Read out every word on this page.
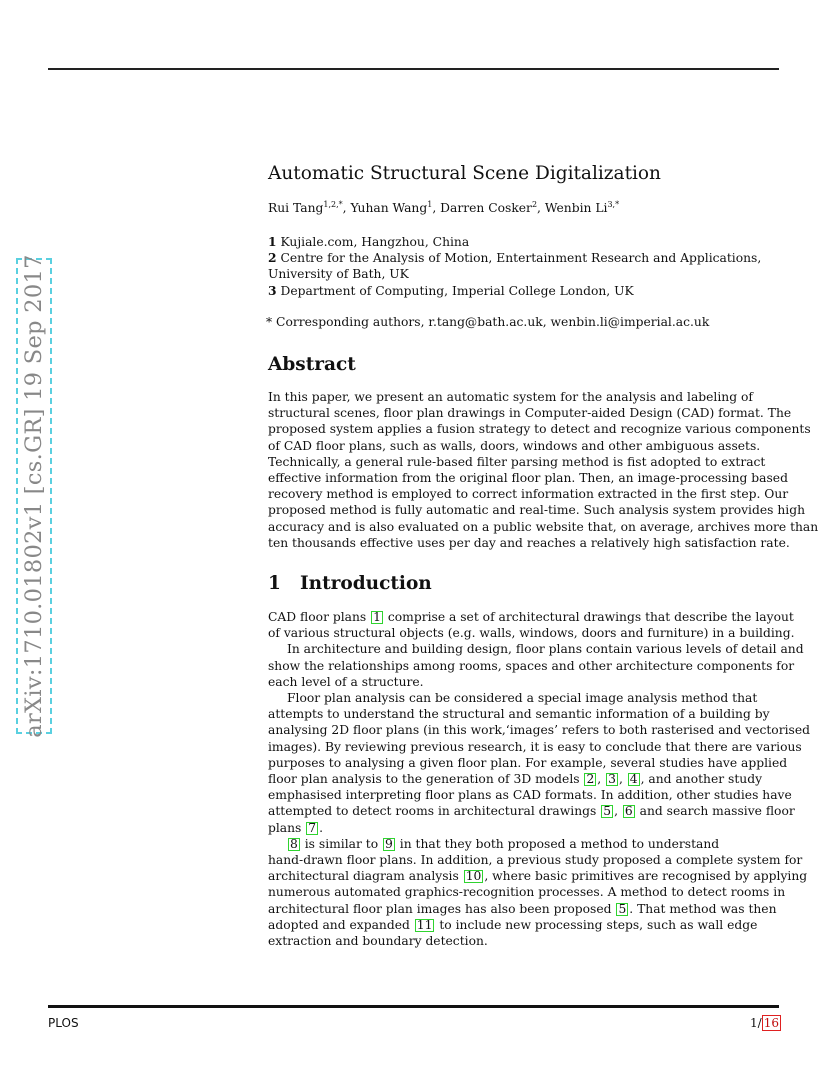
arXiv:1710.01802v1 [cs.GR] 19 Sep 2017
Automatic Structural Scene Digitalization
Rui Tang$^{1,2,*}$, Yuhan Wang$^1$, Darren Cosker$^2$, Wenbin $Li^{3,*}$
1 Kujiale.com, Hangzhou, China
2 Centre for the Analysis of Motion, Entertainment Research and Applications,
University of Bath, UK
3 Department of Computing, Imperial College London, UK
* Corresponding authors, r.tang@bath.ac.uk, wenbin.li@imperial.ac.uk
Abstract
In this paper, we present an automatic system for the analysis and labeling of
structural scenes, floor plan drawings in Computer-aided Design (CAD) format. The
proposed system applies a fusion strategy to detect and recognize various components
of CAD floor plans, such as walls, doors, windows and other ambiguous assets.
Technically, a general rule-based filter parsing method is fist adopted to extract
effective information from the original floor plan. Then, an image-processing based
recovery method is employed to correct information extracted in the first step. Our
proposed method is fully automatic and real-time. Such analysis system provides high
accuracy and is also evaluated on a public website that, on average, archives more than
ten thousands effective uses per day and reaches a relatively high satisfaction rate.
1 Introduction
CAD floor plans 1 comprise a set of architectural drawings that describe the layout
of various structural objects (e.g. walls, windows, doors and furniture) in a building.
In architecture and building design, floor plans contain various levels of detail and
show the relationships among rooms, spaces and other architecture components for
each level of a structure.
Floor plan analysis can be considered a special image analysis method that
attempts to understand the structural and semantic information of a building by
analysing 2D floor plans (in this work,‘images’ refers to both rasterised and vectorised
images). By reviewing previous research, it is easy to conclude that there are various
purposes to analysing a given floor plan. For example, several studies have applied
floor plan analysis to the generation of 3D models 2 , 3 , 4 , and another study
emphasised interpreting floor plans as CAD formats. In addition, other studies have
attempted to detect rooms in architectural drawings 5 , 6 and search massive floor
plans 7 .
8 is similar to 9 in that they both proposed a method to understand
hand-drawn floor plans. In addition, a previous study proposed a complete system for
architectural diagram analysis 10 , where basic primitives are recognised by applying
numerous automated graphics-recognition processes. A method to detect rooms in
architectural floor plan images has also been proposed 5 . That method was then
adopted and expanded 11 to include new processing steps, such as wall edge
extraction and boundary detection.
PLOS	1/ 16
